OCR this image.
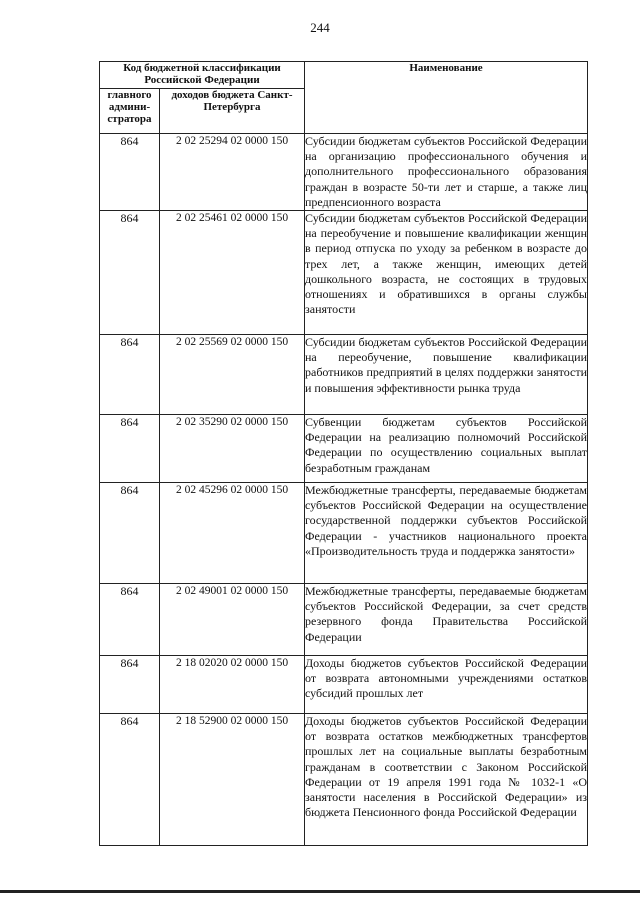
244
Код бюджетной классификации Российской Федерации		Наименование
главного админи-стратора	доходов бюджета Санкт-Петербурга	
864	2 02 25294 02 0000 150	Субсидии бюджетам субъектов Российской Федерации на организацию профессионального обучения и дополнительного профессионального образования граждан в возрасте 50-ти лет и старше, а также лиц предпенсионного возраста
864	2 02 25461 02 0000 150	Субсидии бюджетам субъектов Российской Федерации на переобучение и повышение квалификации женщин в период отпуска по уходу за ребенком в возрасте до трех лет, а также женщин, имеющих детей дошкольного возраста, не состоящих в трудовых отношениях и обратившихся в органы службы занятости
864	2 02 25569 02 0000 150	Субсидии бюджетам субъектов Российской Федерации на переобучение, повышение квалификации работников предприятий в целях поддержки занятости и повышения эффективности рынка труда
864	2 02 35290 02 0000 150	Субвенции бюджетам субъектов Российской Федерации на реализацию полномочий Российской Федерации по осуществлению социальных выплат безработным гражданам
864	2 02 45296 02 0000 150	Межбюджетные трансферты, передаваемые бюджетам субъектов Российской Федерации на осуществление государственной поддержки субъектов Российской Федерации - участников национального проекта «Производительность труда и поддержка занятости»
864	2 02 49001 02 0000 150	Межбюджетные трансферты, передаваемые бюджетам субъектов Российской Федерации, за счет средств резервного фонда Правительства Российской Федерации
864	2 18 02020 02 0000 150	Доходы бюджетов субъектов Российской Федерации от возврата автономными учреждениями остатков субсидий прошлых лет
864	2 18 52900 02 0000 150	Доходы бюджетов субъектов Российской Федерации от возврата остатков межбюджетных трансфертов прошлых лет на социальные выплаты безработным гражданам в соответствии с Законом Российской Федерации от 19 апреля 1991 года № 1032-1 «О занятости населения в Российской Федерации» из бюджета Пенсионного фонда Российской Федерации
